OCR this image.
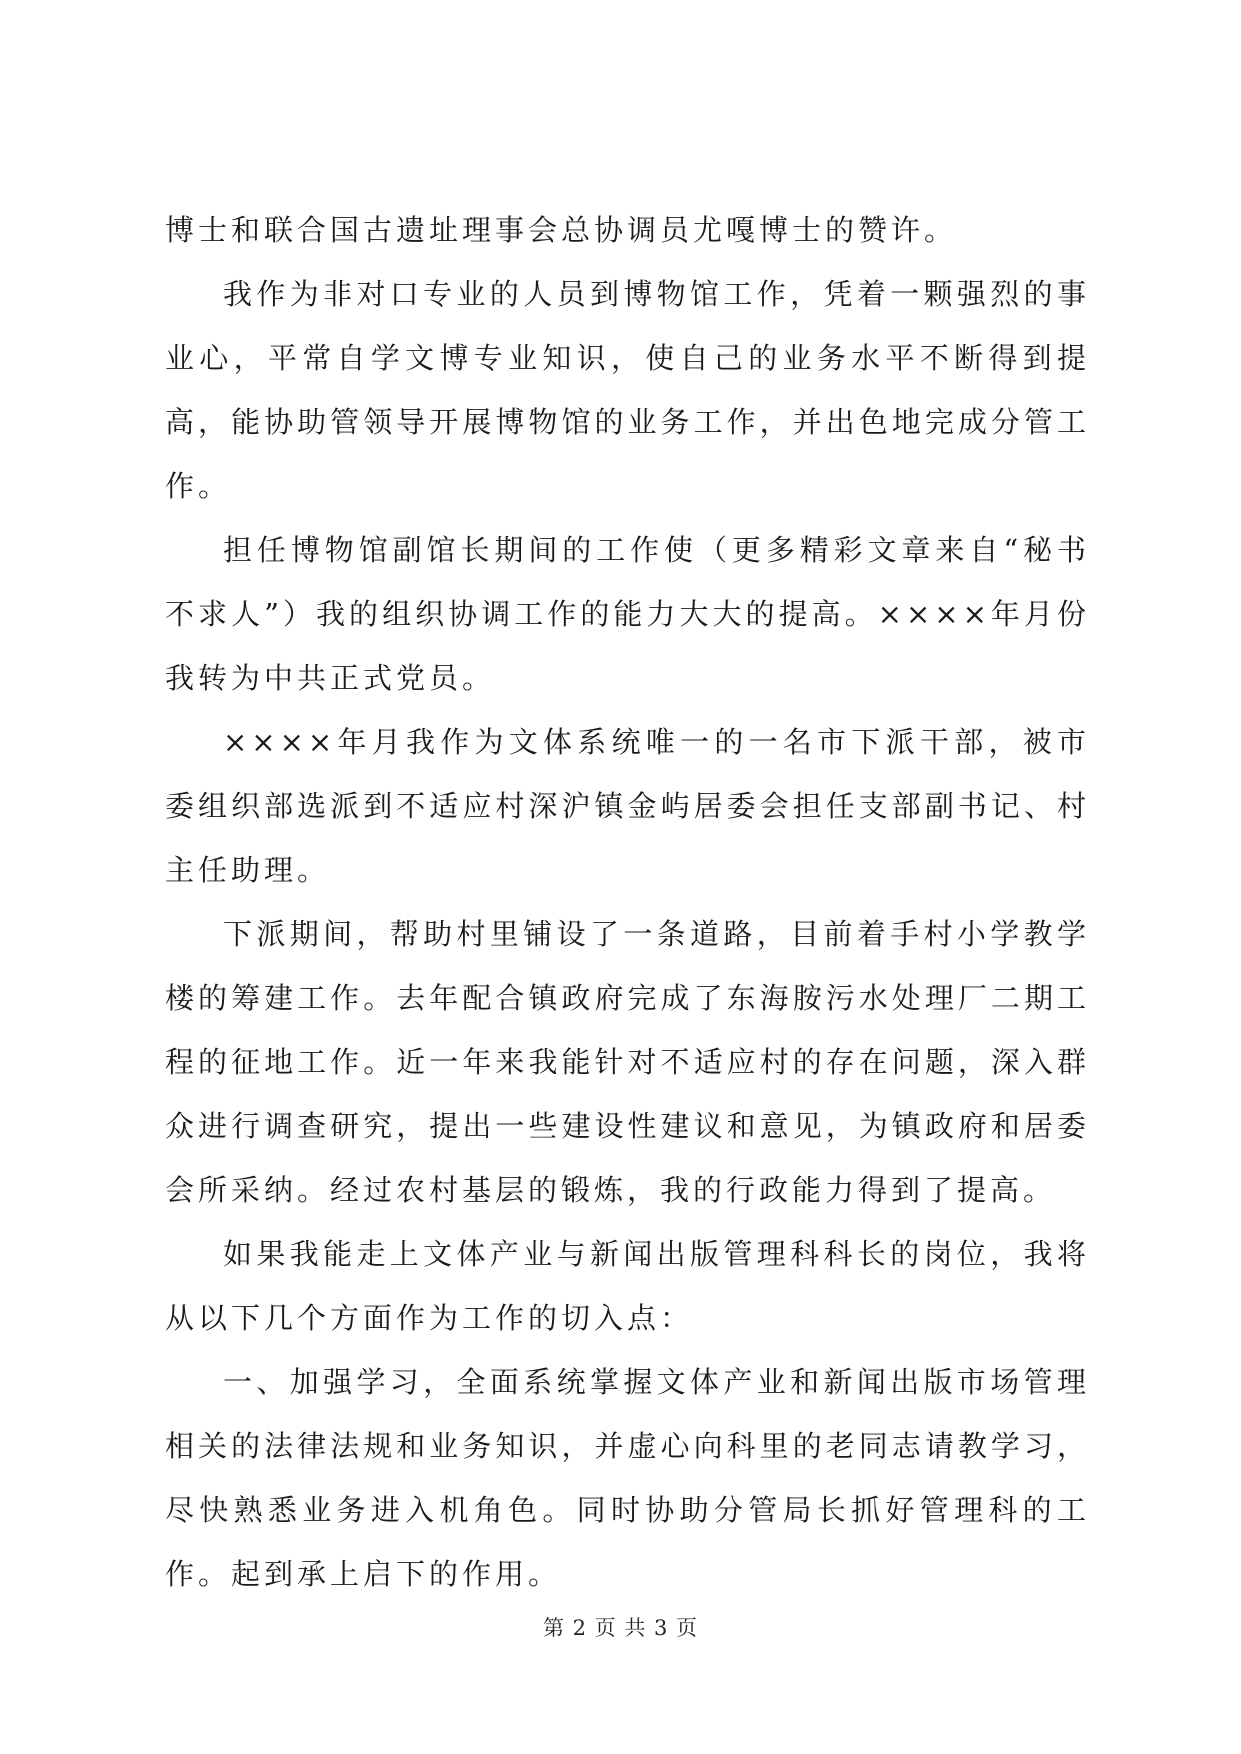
博士和联合国古遗址理事会总协调员尤嘎博士的赞许。

我作为非对口专业的人员到博物馆工作，凭着一颗强烈的事业心，平常自学文博专业知识，使自己的业务水平不断得到提高，能协助管领导开展博物馆的业务工作，并出色地完成分管工作。

担任博物馆副馆长期间的工作使（更多精彩文章来自“秘书不求人”）我的组织协调工作的能力大大的提高。××××年月份我转为中共正式党员。

××××年月我作为文体系统唯一的一名市下派干部，被市委组织部选派到不适应村深沪镇金屿居委会担任支部副书记、村主任助理。

下派期间，帮助村里铺设了一条道路，目前着手村小学教学楼的筹建工作。去年配合镇政府完成了东海胺污水处理厂二期工程的征地工作。近一年来我能针对不适应村的存在问题，深入群众进行调查研究，提出一些建设性建议和意见，为镇政府和居委会所采纳。经过农村基层的锻炼，我的行政能力得到了提高。

如果我能走上文体产业与新闻出版管理科科长的岗位，我将从以下几个方面作为工作的切入点：

一、加强学习，全面系统掌握文体产业和新闻出版市场管理相关的法律法规和业务知识，并虚心向科里的老同志请教学习，尽快熟悉业务进入机角色。同时协助分管局长抓好管理科的工作。起到承上启下的作用。

第 2 页 共 3 页
